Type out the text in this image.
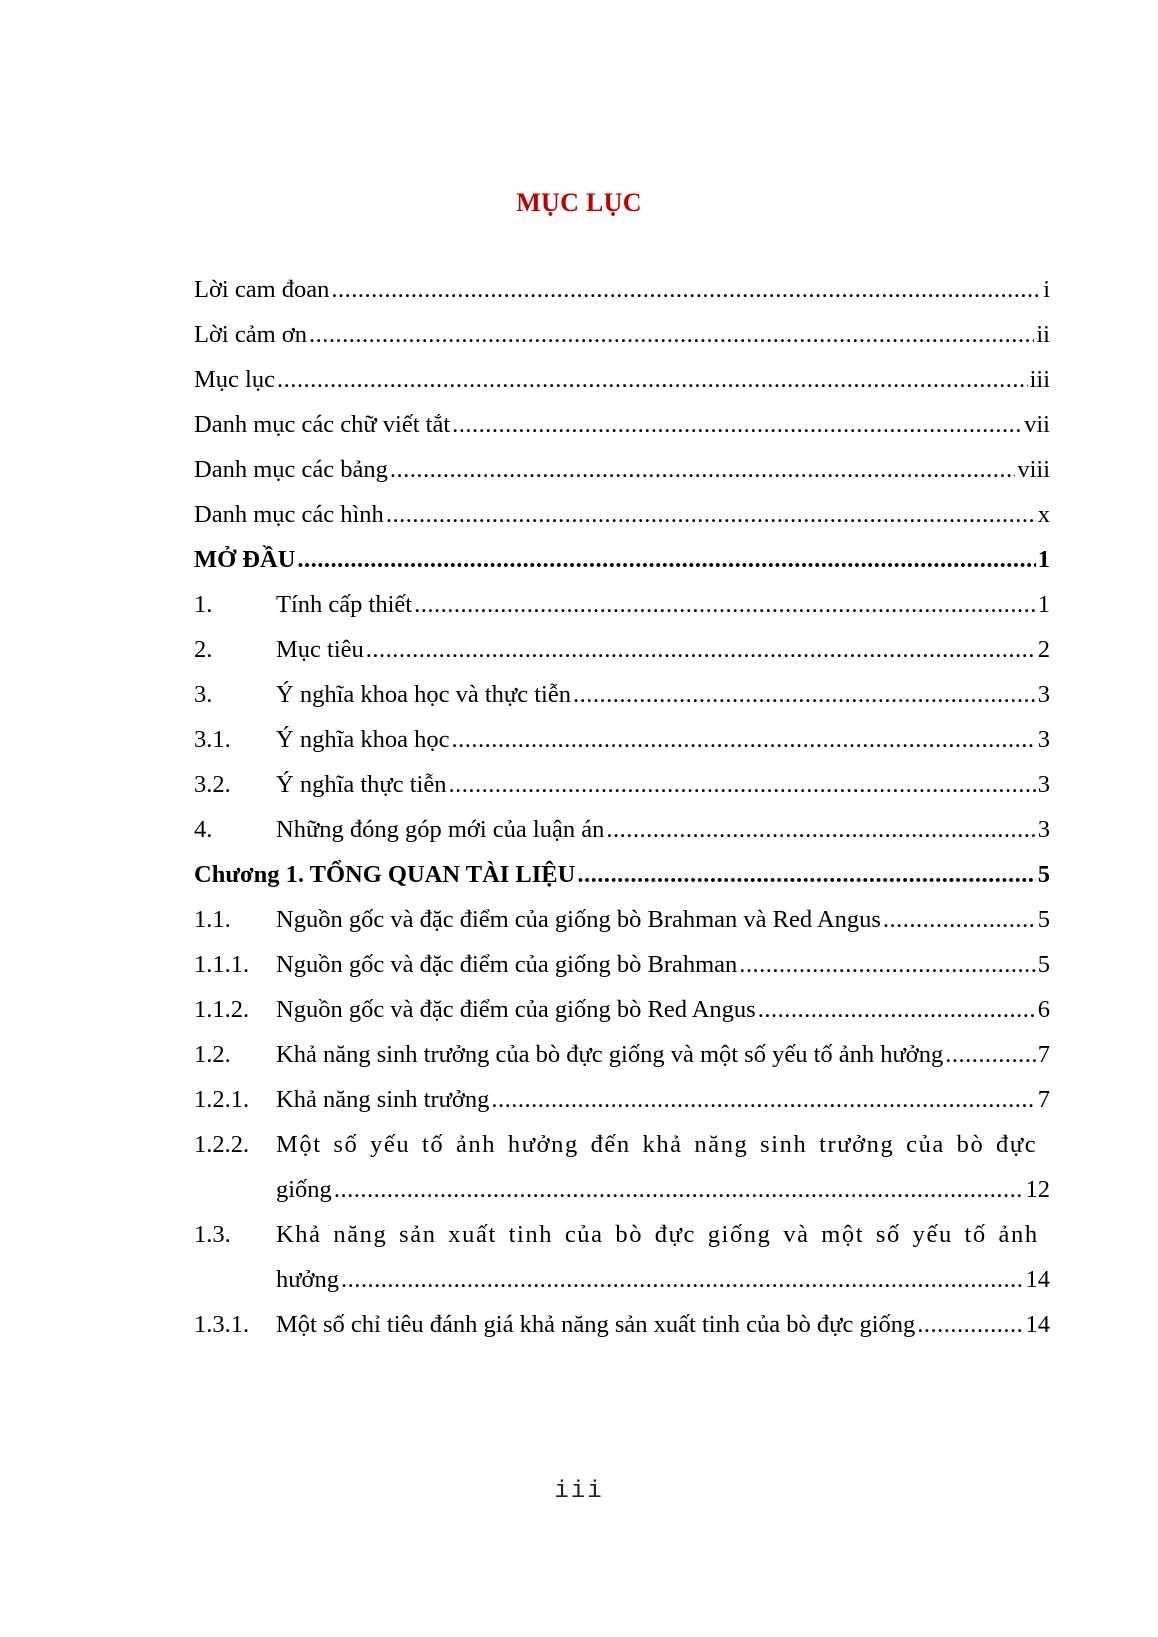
MỤC LỤC
Lời cam đoan .....	i
Lời cảm ơn .....	ii
Mục lục .....	iii
Danh mục các chữ viết tắt .....	vii
Danh mục các bảng .....	viii
Danh mục các hình .....	x
MỞ ĐẦU .....	1
1.	Tính cấp thiết .....	1
2.	Mục tiêu .....	2
3.	Ý nghĩa khoa học và thực tiễn .....	3
3.1.	Ý nghĩa khoa học .....	3
3.2.	Ý nghĩa thực tiễn .....	3
4.	Những đóng góp mới của luận án .....	3
Chương 1. TỔNG QUAN TÀI LIỆU .....	5
1.1.	Nguồn gốc và đặc điểm của giống bò Brahman và Red Angus .....	5
1.1.1.	Nguồn gốc và đặc điểm của giống bò Brahman .....	5
1.1.2.	Nguồn gốc và đặc điểm của giống bò Red Angus .....	6
1.2.	Khả năng sinh trưởng của bò đực giống và một số yếu tố ảnh hưởng .....	7
1.2.1.	Khả năng sinh trưởng .....	7
1.2.2.	Một số yếu tố ảnh hưởng đến khả năng sinh trưởng của bò đực
giống .....	12
1.3.	Khả năng sản xuất tinh của bò đực giống và một số yếu tố ảnh
hưởng .....	14
1.3.1.	Một số chỉ tiêu đánh giá khả năng sản xuất tinh của bò đực giống .....	14
iii
